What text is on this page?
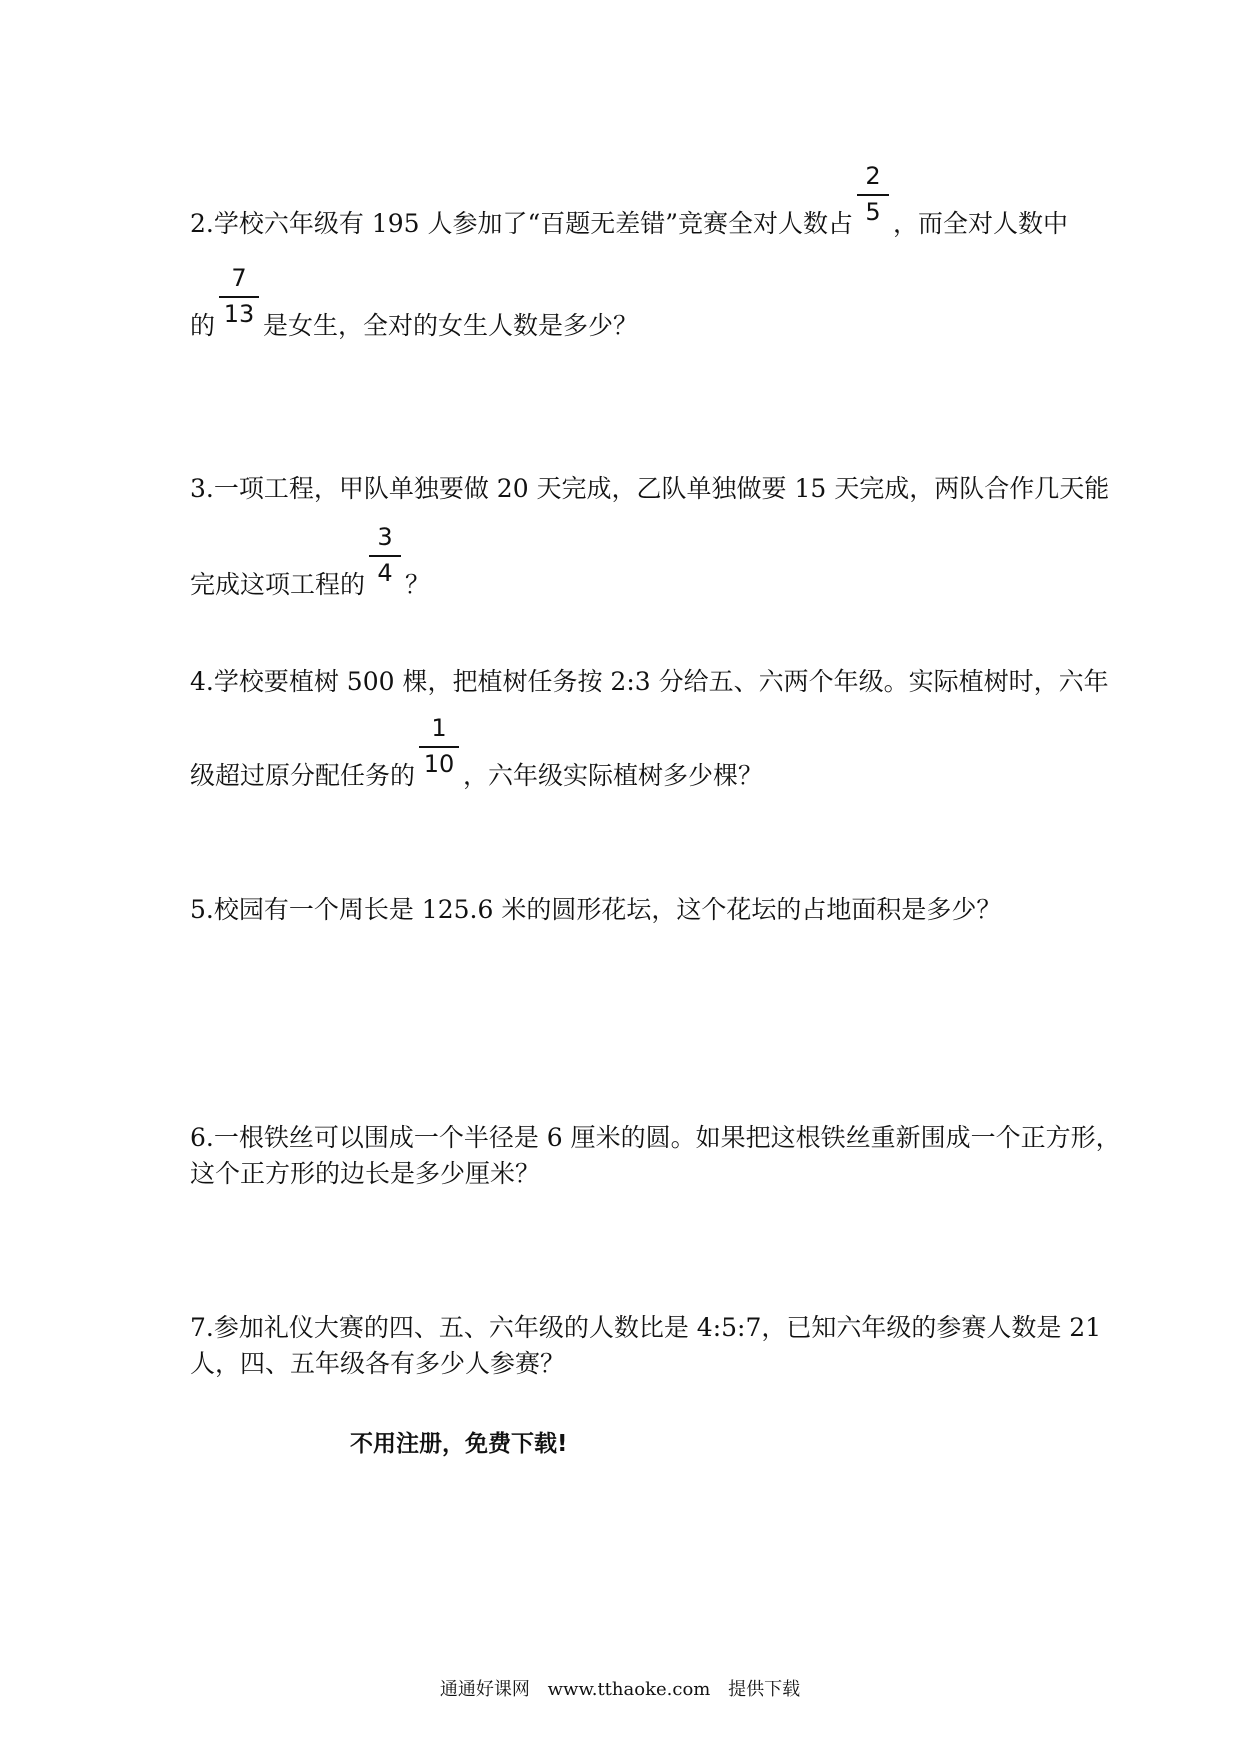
2.学校六年级有 195 人参加了“百题无差错”竞赛全对人数占 $\frac{2}{5}$ ，而全对人数中
的 $\frac{7}{13}$ 是女生，全对的女生人数是多少？
3.一项工程，甲队单独要做 20 天完成，乙队单独做要 15 天完成，两队合作几天能
完成这项工程的 $\frac{3}{4}$ ？
4.学校要植树 500 棵，把植树任务按 2:3 分给五、六两个年级。实际植树时，六年
级超过原分配任务的 $\frac{1}{10}$ ，六年级实际植树多少棵？
5.校园有一个周长是 125.6 米的圆形花坛，这个花坛的占地面积是多少？
6.一根铁丝可以围成一个半径是 6 厘米的圆。如果把这根铁丝重新围成一个正方形，
这个正方形的边长是多少厘米？
7.参加礼仪大赛的四、五、六年级的人数比是 4:5:7，已知六年级的参赛人数是 21
人，四、五年级各有多少人参赛？
不用注册，免费下载!
通通好课网 www.tthaoke.com 提供下载
